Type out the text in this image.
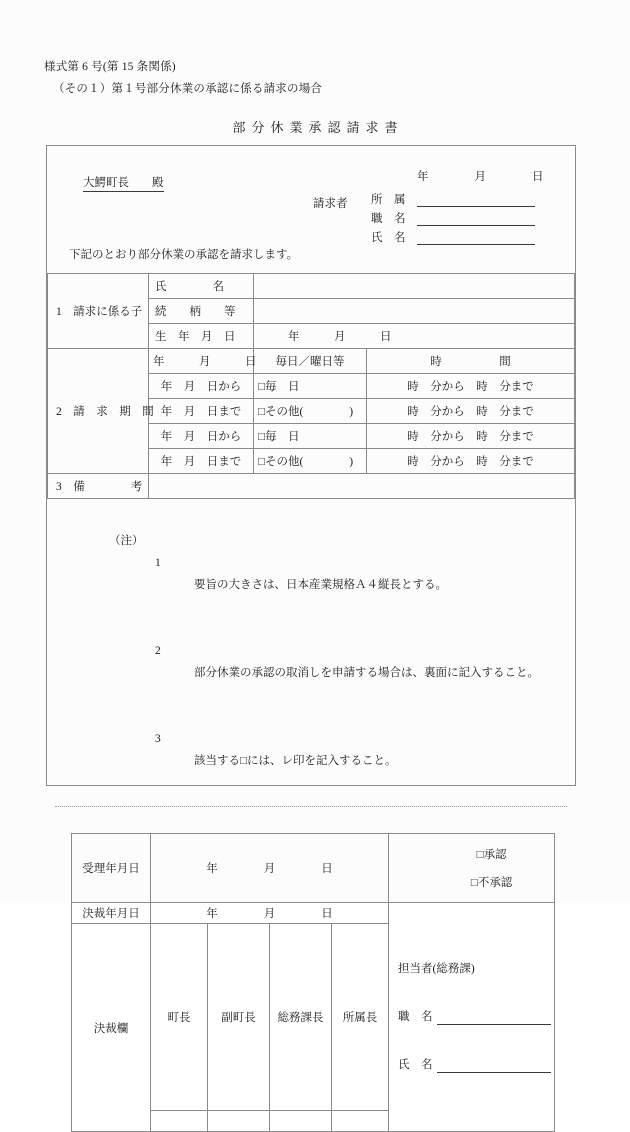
様式第 6 号(第 15 条関係)
（その１）第１号部分休業の承認に係る請求の場合
部分休業承認請求書
大鰐町長　　殿	年　　　　月　　　　日
請求者 所　属
職　名
氏　名
下記のとおり部分休業の承認を請求します。
1　請求に係る子	氏　　　　名		
	続　　柄　　等		
	生　年　月　日	年　　　月　　　日	
2　請　求　期　間	年　　　月　　　日	毎日／曜日等	時　　　　　間
	年　月　日から	□毎　日	時　分から　時　分まで
	年　月　日まで	□その他(　　　　)	時　分から　時　分まで
	年　月　日から	□毎　日	時　分から　時　分まで
	年　月　日まで	□その他(　　　　)	時　分から　時　分まで
3　備　　　　考			

（注）

1

要旨の大きさは、日本産業規格Ａ４縦長とする。

2

部分休業の承認の取消しを申請する場合は、裏面に記入すること。

3

該当する□には、レ印を記入すること。

受理年月日	年　　　　月　　　　日				□承認

□不承認

決裁年月日	年　　　　月　　　　日				担当者(総務課)

職　名

氏　名

決裁欄	町長	副町長	総務課長	所属長	
